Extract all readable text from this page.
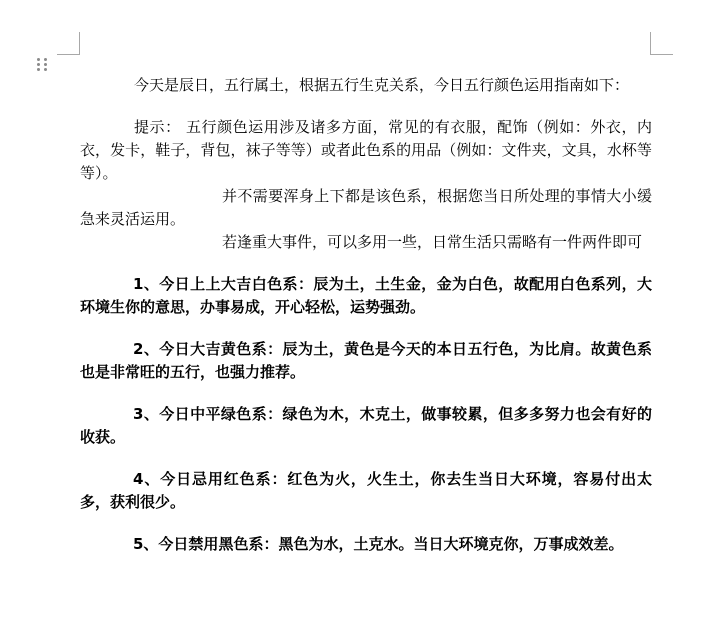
今天是辰日，五行属土，根据五行生克关系，今日五行颜色运用指南如下：

提示： 五行颜色运用涉及诸多方面，常见的有衣服，配饰（例如：外衣，内衣，发卡，鞋子，背包，袜子等等）或者此色系的用品（例如：文件夹，文具，水杯等等）。

并不需要浑身上下都是该色系，根据您当日所处理的事情大小缓急来灵活运用。

若逢重大事件，可以多用一些，日常生活只需略有一件两件即可

1、今日上上大吉白色系：辰为土，土生金，金为白色，故配用白色系列，大环境生你的意思，办事易成，开心轻松，运势强劲。

2、今日大吉黄色系：辰为土，黄色是今天的本日五行色，为比肩。故黄色系也是非常旺的五行，也强力推荐。

3、今日中平绿色系：绿色为木，木克土，做事较累，但多多努力也会有好的收获。

4、今日忌用红色系：红色为火，火生土，你去生当日大环境，容易付出太多，获利很少。

5、今日禁用黑色系：黑色为水，土克水。当日大环境克你，万事成效差。
